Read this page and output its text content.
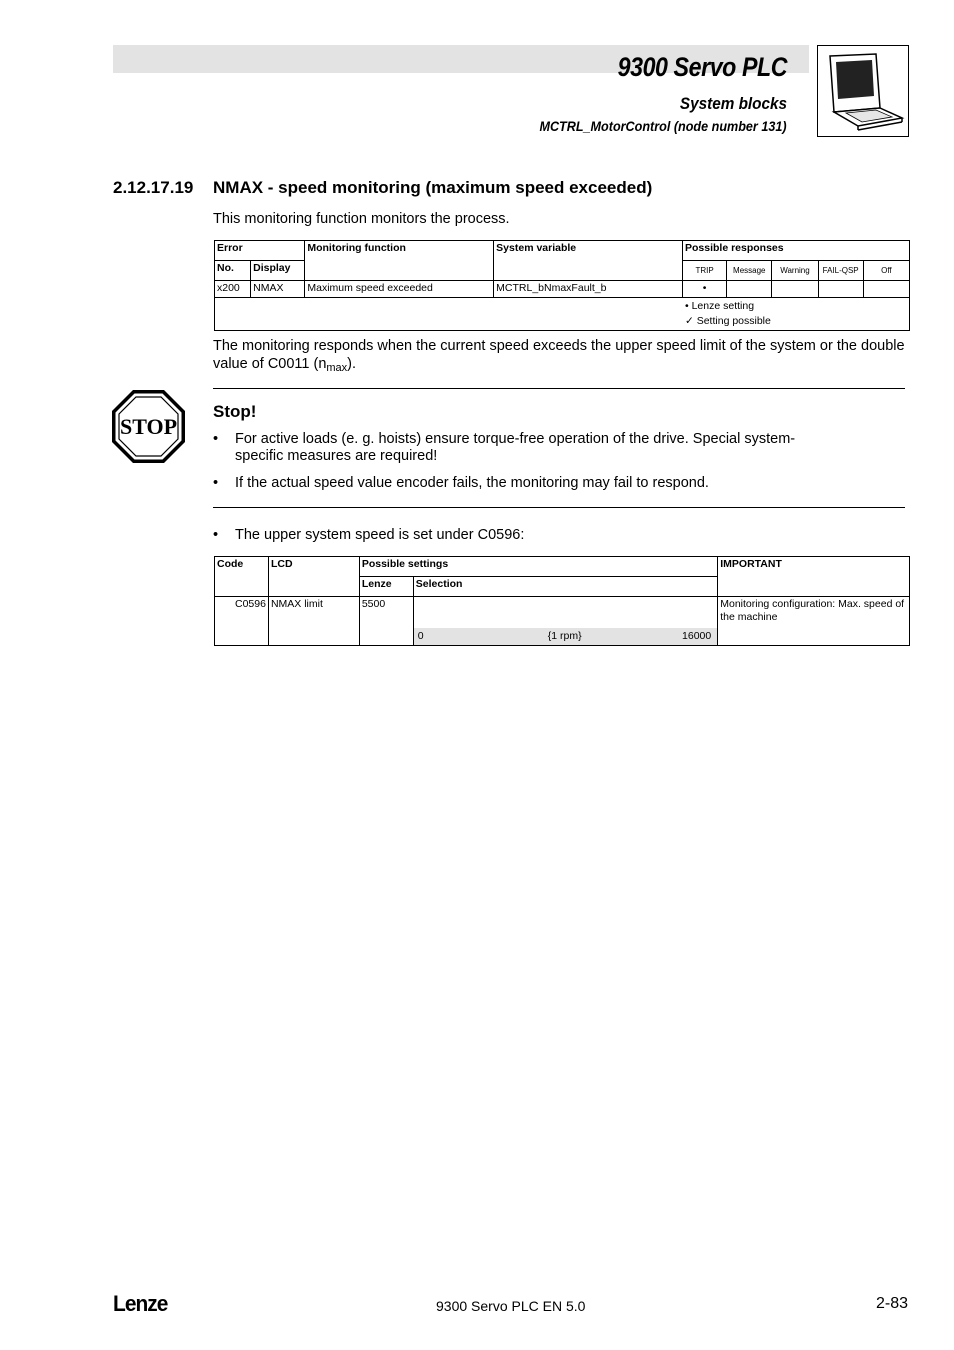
9300 Servo PLC
System blocks
MCTRL_MotorControl (node number 131)
2.12.17.19 NMAX - speed monitoring (maximum speed exceeded)
This monitoring function monitors the process.
Error		Monitoring function	System variable	Possible responses				
No.	Display			TRIP	Message	Warning	FAIL-QSP	Off
x200	NMAX	Maximum speed exceeded	MCTRL_bNmaxFault_b	•				

• Lenze setting
✓ Setting possible								
The monitoring responds when the current speed exceeds the upper speed limit of the system or the double value of C0011 $(n_{max})$.
STOP
Stop!
• For active loads (e. g. hoists) ensure torque-free operation of the drive. Special system-specific measures are required!
• If the actual speed value encoder fails, the monitoring may fail to respond.
• The upper system speed is set under C0596:
Code	LCD	Possible settings		IMPORTANT
		Lenze	Selection	
C0596	NMAX limit	5500	0 {1 rpm} 16000	Monitoring configuration: Max. speed of the machine
Lenze	9300 Servo PLC EN 5.0	2-83
